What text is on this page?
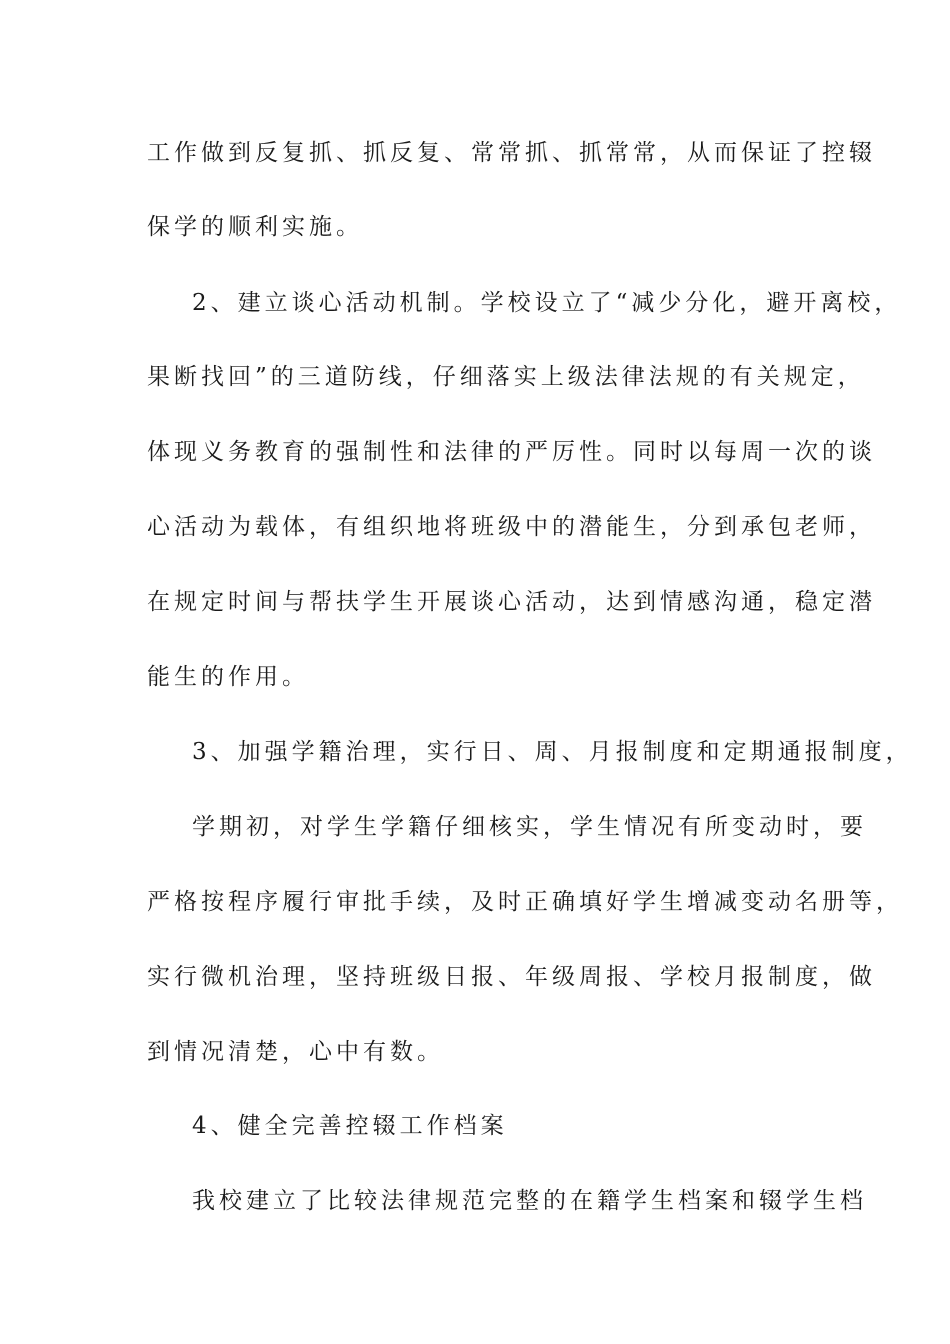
工作做到反复抓、抓反复、常常抓、抓常常，从而保证了控辍
保学的顺利实施。
2、建立谈心活动机制。学校设立了“减少分化，避开离校，
果断找回”的三道防线，仔细落实上级法律法规的有关规定，
体现义务教育的强制性和法律的严厉性。同时以每周一次的谈
心活动为载体，有组织地将班级中的潜能生，分到承包老师，
在规定时间与帮扶学生开展谈心活动，达到情感沟通，稳定潜
能生的作用。
3、加强学籍治理，实行日、周、月报制度和定期通报制度，
学期初，对学生学籍仔细核实，学生情况有所变动时，要
严格按程序履行审批手续，及时正确填好学生增减变动名册等，
实行微机治理，坚持班级日报、年级周报、学校月报制度，做
到情况清楚，心中有数。
4、健全完善控辍工作档案
我校建立了比较法律规范完整的在籍学生档案和辍学生档
